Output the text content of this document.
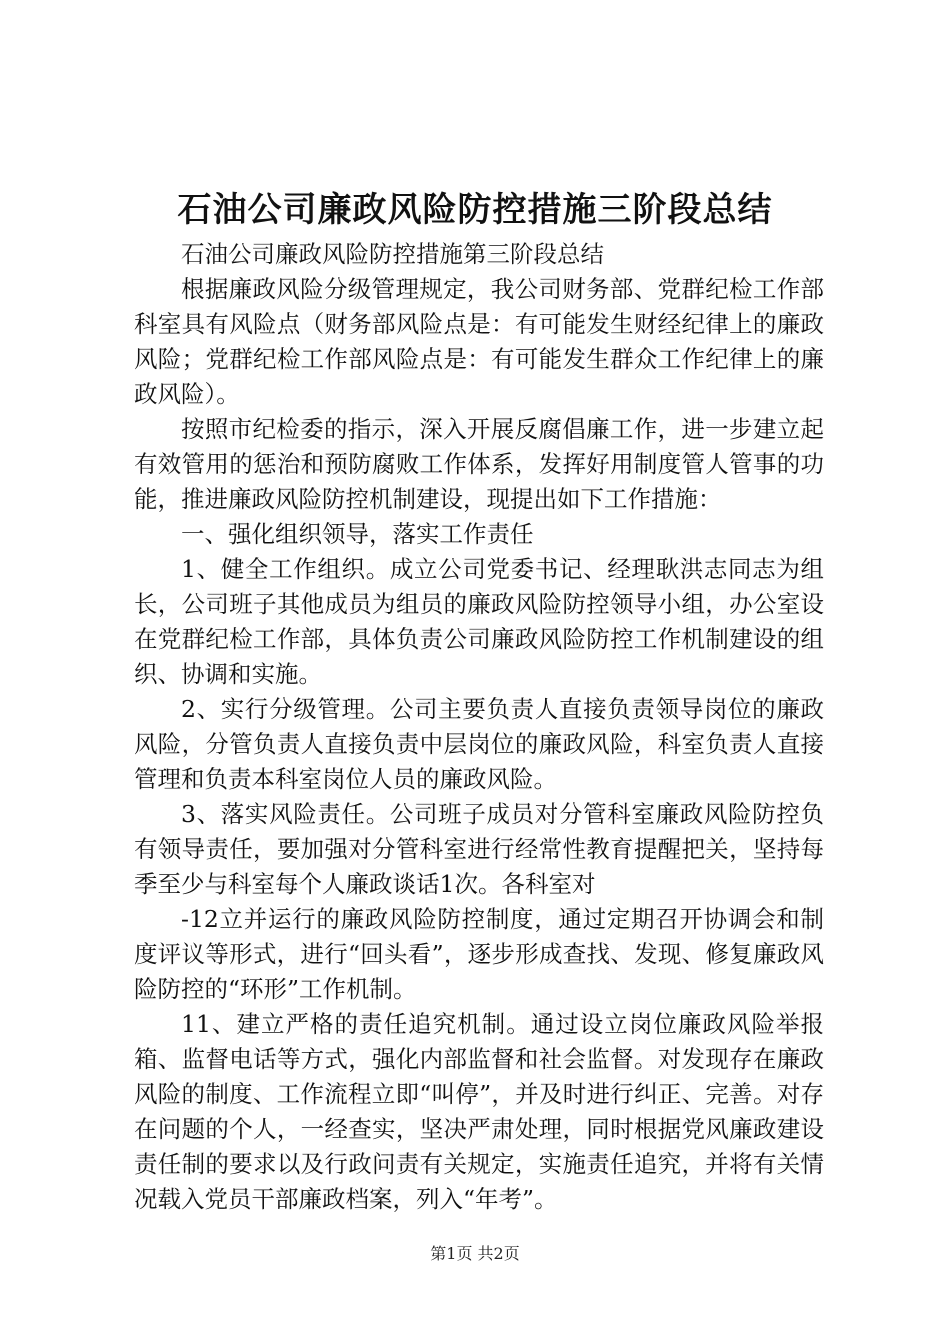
石油公司廉政风险防控措施三阶段总结

石油公司廉政风险防控措施第三阶段总结

根据廉政风险分级管理规定，我公司财务部、党群纪检工作部科室具有风险点（财务部风险点是：有可能发生财经纪律上的廉政风险；党群纪检工作部风险点是：有可能发生群众工作纪律上的廉政风险）。

按照市纪检委的指示，深入开展反腐倡廉工作，进一步建立起有效管用的惩治和预防腐败工作体系，发挥好用制度管人管事的功能，推进廉政风险防控机制建设，现提出如下工作措施：

一、强化组织领导，落实工作责任

1、健全工作组织。成立公司党委书记、经理耿洪志同志为组长，公司班子其他成员为组员的廉政风险防控领导小组，办公室设在党群纪检工作部，具体负责公司廉政风险防控工作机制建设的组织、协调和实施。

2、实行分级管理。公司主要负责人直接负责领导岗位的廉政风险，分管负责人直接负责中层岗位的廉政风险，科室负责人直接管理和负责本科室岗位人员的廉政风险。

3、落实风险责任。公司班子成员对分管科室廉政风险防控负有领导责任，要加强对分管科室进行经常性教育提醒把关，坚持每季至少与科室每个人廉政谈话1次。各科室对

-12立并运行的廉政风险防控制度，通过定期召开协调会和制度评议等形式，进行“回头看”，逐步形成查找、发现、修复廉政风险防控的“环形”工作机制。

11、建立严格的责任追究机制。通过设立岗位廉政风险举报箱、监督电话等方式，强化内部监督和社会监督。对发现存在廉政风险的制度、工作流程立即“叫停”，并及时进行纠正、完善。对存在问题的个人，一经查实，坚决严肃处理，同时根据党风廉政建设责任制的要求以及行政问责有关规定，实施责任追究，并将有关情况载入党员干部廉政档案，列入“年考”。

第1页 共2页
